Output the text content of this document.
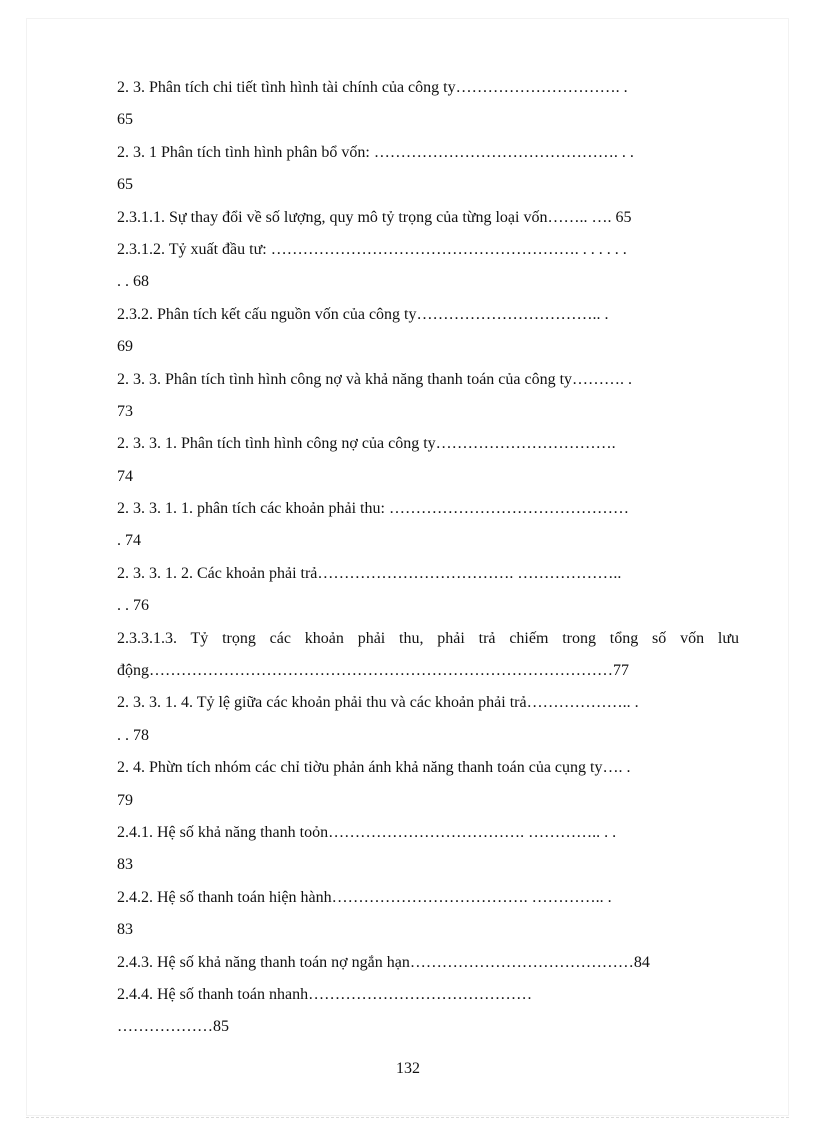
2. 3. Phân tích chi tiết tình hình tài chính của công ty…………………………. .
65
2. 3. 1 Phân tích tình hình phân bổ vốn: ………………………………………. . .
65
2.3.1.1. Sự thay đổi về số lượng, quy mô tỷ trọng của từng loại vốn…….. …. 65
2.3.1.2. Tỷ xuất đầu tư: …………………………………………………. . . . . . .
. . 68
2.3.2. Phân tích kết cấu nguồn vốn của công ty…………………………….. .
69
2. 3. 3. Phân tích tình hình công nợ và khả năng thanh toán của công ty………. .
73
2. 3. 3. 1. Phân tích tình hình công nợ của công ty…………………………….
74
2. 3. 3. 1. 1. phân tích các khoản phải thu: ………………………………………
. 74
2. 3. 3. 1. 2. Các khoản phải trả………………………………. ………………..
. . 76
2.3.3.1.3. Tỷ trọng các khoản phải thu, phải trả chiếm trong tổng số vốn lưu
động……………………………………………………………………………77
2. 3. 3. 1. 4. Tỷ lệ giữa các khoản phải thu và các khoản phải trả……………….. .
. . 78
2. 4. Phừn tích nhóm các chỉ tiờu phản ánh khả năng thanh toán của cụng ty…. .
79
2.4.1. Hệ số khả năng thanh toỏn………………………………. ………….. . .
83
2.4.2. Hệ số thanh toán hiện hành………………………………. ………….. .
83
2.4.3. Hệ số khả năng thanh toán nợ ngắn hạn……………………………………84
2.4.4. Hệ số thanh toán nhanh……………………………………
………………85
132
